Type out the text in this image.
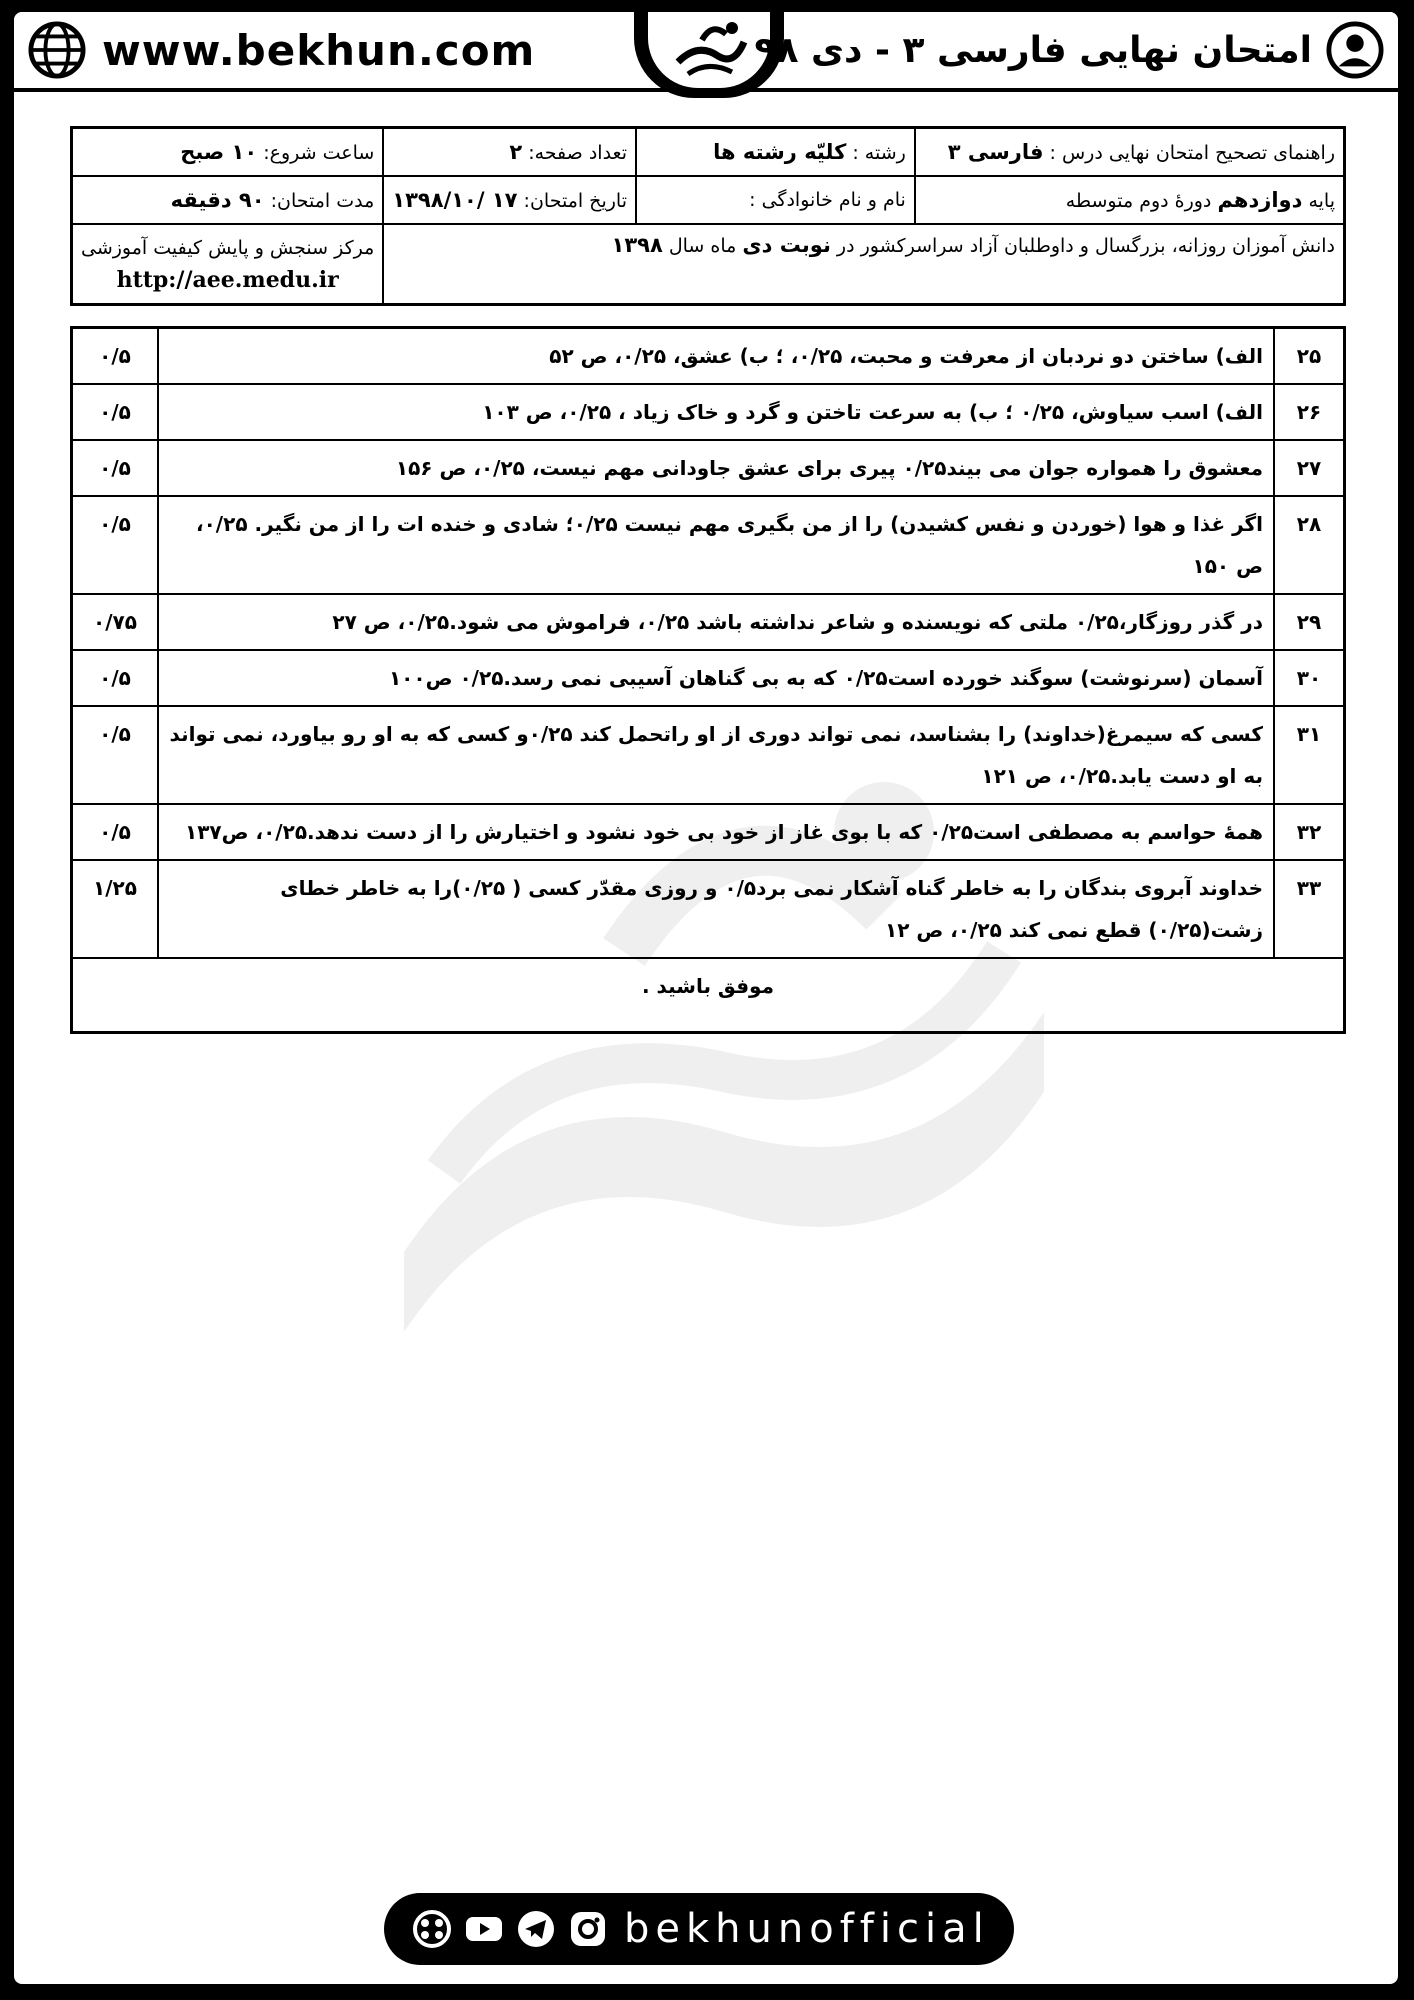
www.bekhun.com	امتحان نهایی فارسی ۳ - دی ۹۸
راهنمای تصحیح امتحان نهایی درس : فارسی ۳	رشته : کلیّه رشته ها	تعداد صفحه: ۲	ساعت شروع: ۱۰ صبح
پایه دوازدهم دورهٔ دوم متوسطه	نام و نام خانوادگی :	تاریخ امتحان: ۱۷ /۱۳۹۸/۱۰	مدت امتحان: ۹۰ دقیقه
دانش آموزان روزانه، بزرگسال و داوطلبان آزاد سراسرکشور در نوبت دی ماه سال ۱۳۹۸			مرکز سنجش و پایش کیفیت آموزشی
http://aee.medu.ir
۲۵	الف) ساختن دو نردبان از معرفت و محبت، ۰/۲۵، ؛ ب) عشق، ۰/۲۵، ص ۵۲	۰/۵
۲۶	الف) اسب سیاوش، ۰/۲۵ ؛ ب) به سرعت تاختن و گرد و خاک زیاد ، ۰/۲۵، ص ۱۰۳	۰/۵
۲۷	معشوق را همواره جوان می بیند۰/۲۵ پیری برای عشق جاودانی مهم نیست، ۰/۲۵، ص ۱۵۶	۰/۵
۲۸	اگر غذا و هوا (خوردن و نفس کشیدن) را از من بگیری مهم نیست ۰/۲۵؛ شادی و خنده ات را از من نگیر. ۰/۲۵، ص ۱۵۰	۰/۵
۲۹	در گذر روزگار،۰/۲۵ ملتی که نویسنده و شاعر نداشته باشد ۰/۲۵، فراموش می شود.۰/۲۵، ص ۲۷	۰/۷۵
۳۰	آسمان (سرنوشت) سوگند خورده است۰/۲۵ که به بی گناهان آسیبی نمی رسد.۰/۲۵ ص۱۰۰	۰/۵
۳۱	کسی که سیمرغ(خداوند) را بشناسد، نمی تواند دوری از او راتحمل کند ۰/۲۵و کسی که به او رو بیاورد، نمی تواند به او دست یابد.۰/۲۵، ص ۱۲۱	۰/۵
۳۲	همهٔ حواسم به مصطفی است۰/۲۵ که با بوی غاز از خود بی خود نشود و اختیارش را از دست ندهد.۰/۲۵، ص۱۳۷	۰/۵
۳۳	خداوند آبروی بندگان را به خاطر گناه آشکار نمی برد۰/۵ و روزی مقدّر کسی ( ۰/۲۵)را به خاطر خطای زشت(۰/۲۵) قطع نمی کند ۰/۲۵، ص ۱۲	۱/۲۵
موفق باشید .		
bekhunofficial
